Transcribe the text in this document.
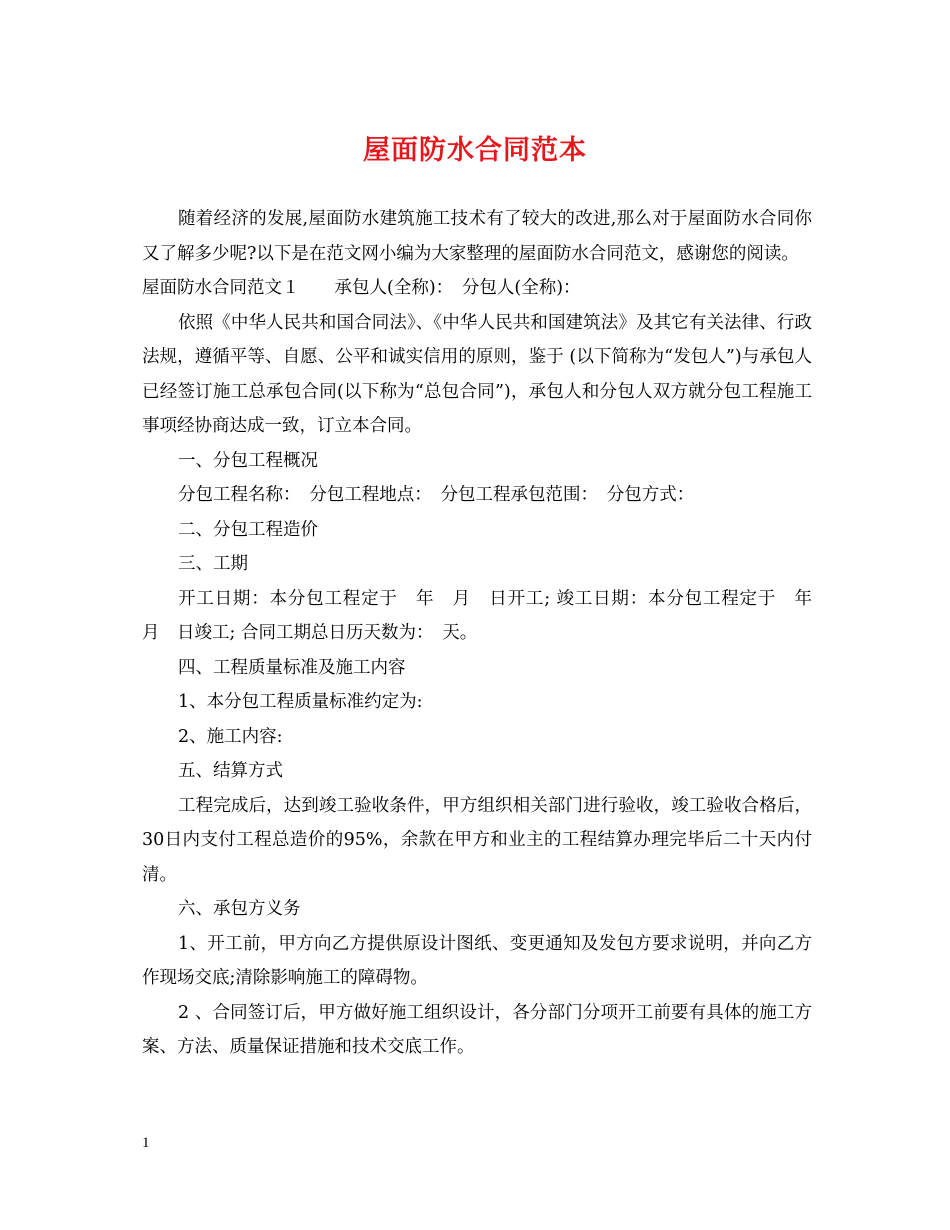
屋面防水合同范本

随着经济的发展,屋面防水建筑施工技术有了较大的改进,那么对于屋面防水合同你又了解多少呢?以下是在范文网小编为大家整理的屋面防水合同范文，感谢您的阅读。

屋面防水合同范文１　　承包人(全称)：　分包人(全称)：

依照《中华人民共和国合同法》、《中华人民共和国建筑法》及其它有关法律、行政法规，遵循平等、自愿、公平和诚实信用的原则，鉴于 (以下简称为“发包人”)与承包人已经签订施工总承包合同(以下称为“总包合同”)，承包人和分包人双方就分包工程施工事项经协商达成一致，订立本合同。

一、分包工程概况

分包工程名称：　分包工程地点：　分包工程承包范围：　分包方式：

二、分包工程造价

三、工期

开工日期：本分包工程定于　年　月　日开工; 竣工日期：本分包工程定于　年　月　日竣工; 合同工期总日历天数为：　天。

四、工程质量标准及施工内容

1、本分包工程质量标准约定为:

2、施工内容:

五、结算方式

工程完成后，达到竣工验收条件，甲方组织相关部门进行验收，竣工验收合格后，30日内支付工程总造价的95%，余款在甲方和业主的工程结算办理完毕后二十天内付清。

六、承包方义务

1、开工前，甲方向乙方提供原设计图纸、变更通知及发包方要求说明，并向乙方作现场交底;清除影响施工的障碍物。

2 、合同签订后，甲方做好施工组织设计，各分部门分项开工前要有具体的施工方案、方法、质量保证措施和技术交底工作。

1
